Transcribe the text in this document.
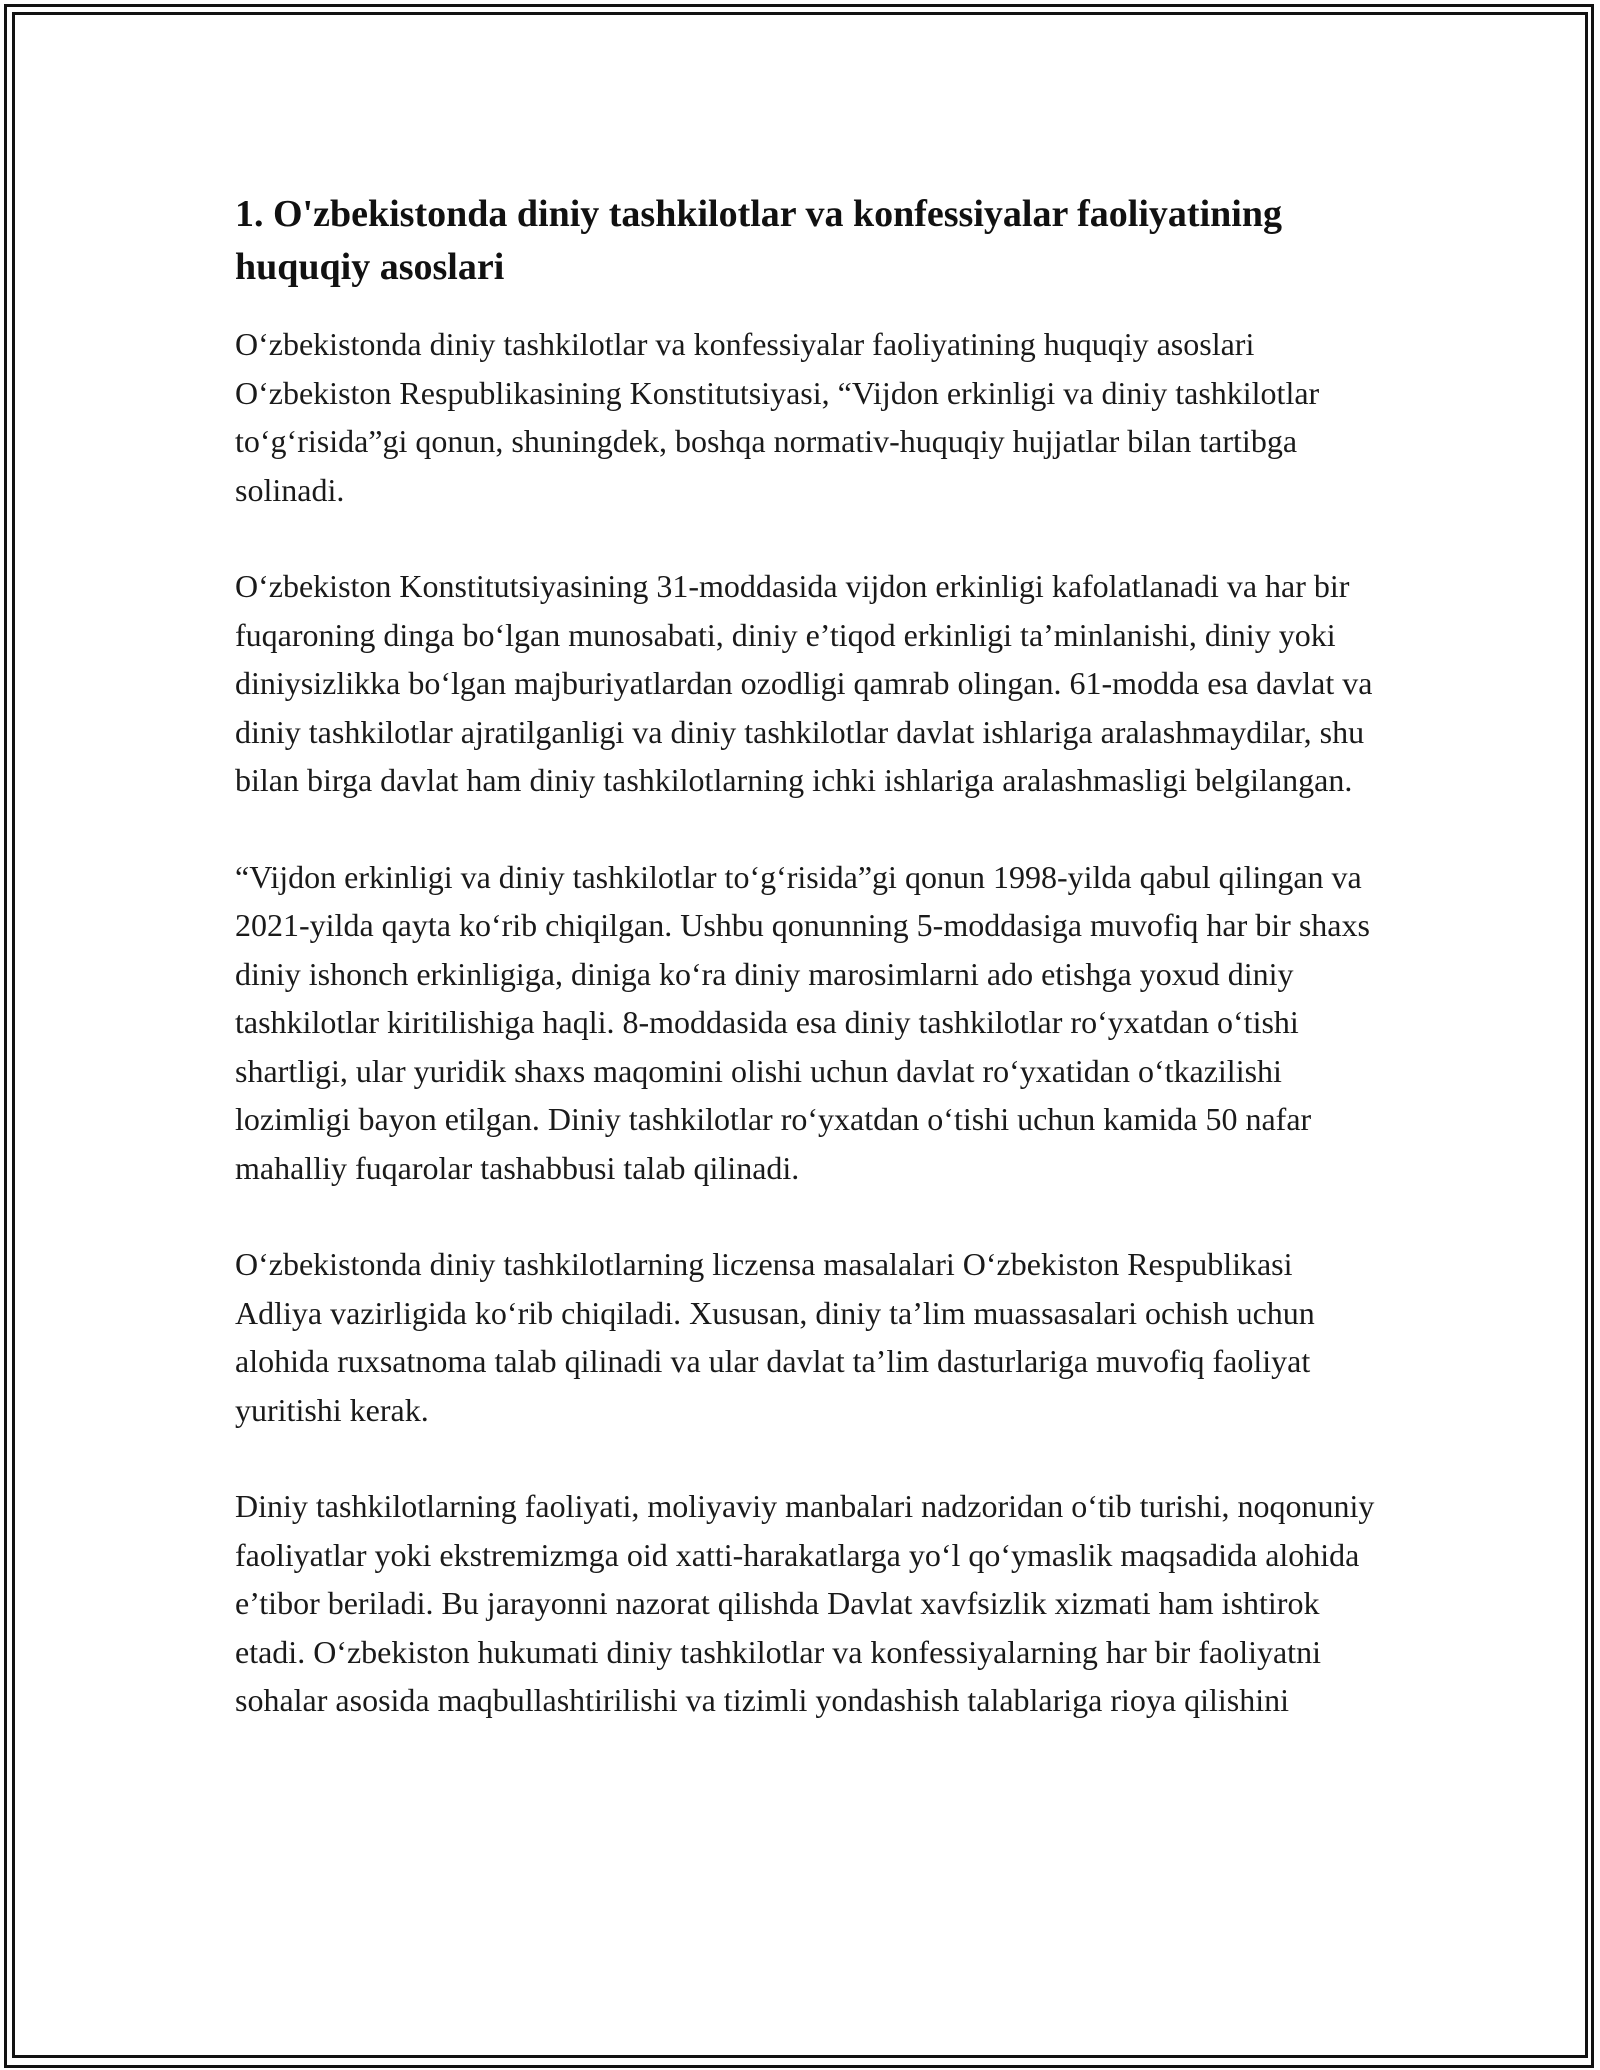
1. O'zbekistonda diniy tashkilotlar va konfessiyalar faoliyatining huquqiy asoslari

O‘zbekistonda diniy tashkilotlar va konfessiyalar faoliyatining huquqiy asoslari O‘zbekiston Respublikasining Konstitutsiyasi, “Vijdon erkinligi va diniy tashkilotlar to‘g‘risida”gi qonun, shuningdek, boshqa normativ-huquqiy hujjatlar bilan tartibga solinadi.

O‘zbekiston Konstitutsiyasining 31-moddasida vijdon erkinligi kafolatlanadi va har bir fuqaroning dinga bo‘lgan munosabati, diniy e’tiqod erkinligi ta’minlanishi, diniy yoki diniysizlikka bo‘lgan majburiyatlardan ozodligi qamrab olingan. 61-modda esa davlat va diniy tashkilotlar ajratilganligi va diniy tashkilotlar davlat ishlariga aralashmaydilar, shu bilan birga davlat ham diniy tashkilotlarning ichki ishlariga aralashmasligi belgilangan.

“Vijdon erkinligi va diniy tashkilotlar to‘g‘risida”gi qonun 1998-yilda qabul qilingan va 2021-yilda qayta ko‘rib chiqilgan. Ushbu qonunning 5-moddasiga muvofiq har bir shaxs diniy ishonch erkinligiga, diniga ko‘ra diniy marosimlarni ado etishga yoxud diniy tashkilotlar kiritilishiga haqli. 8-moddasida esa diniy tashkilotlar ro‘yxatdan o‘tishi shartligi, ular yuridik shaxs maqomini olishi uchun davlat ro‘yxatidan o‘tkazilishi lozimligi bayon etilgan. Diniy tashkilotlar ro‘yxatdan o‘tishi uchun kamida 50 nafar mahalliy fuqarolar tashabbusi talab qilinadi.

O‘zbekistonda diniy tashkilotlarning liczensa masalalari O‘zbekiston Respublikasi Adliya vazirligida ko‘rib chiqiladi. Xususan, diniy ta’lim muassasalari ochish uchun alohida ruxsatnoma talab qilinadi va ular davlat ta’lim dasturlariga muvofiq faoliyat yuritishi kerak.

Diniy tashkilotlarning faoliyati, moliyaviy manbalari nadzoridan o‘tib turishi, noqonuniy faoliyatlar yoki ekstremizmga oid xatti-harakatlarga yo‘l qo‘ymaslik maqsadida alohida e’tibor beriladi. Bu jarayonni nazorat qilishda Davlat xavfsizlik xizmati ham ishtirok etadi. O‘zbekiston hukumati diniy tashkilotlar va konfessiyalarning har bir faoliyatni sohalar asosida maqbullashtirilishi va tizimli yondashish talablariga rioya qilishini
